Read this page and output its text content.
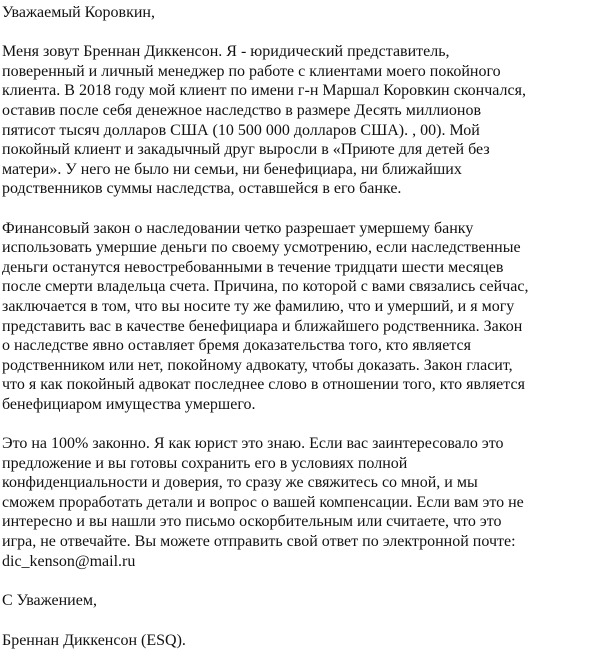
Уважаемый Коровкин,
Меня зовут Бреннан Диккенсон. Я - юридический представитель,
поверенный и личный менеджер по работе с клиентами моего покойного
клиента. В 2018 году мой клиент по имени г-н Маршал Коровкин скончался,
оставив после себя денежное наследство в размере Десять миллионов
пятисот тысяч долларов США (10 500 000 долларов США). , 00). Мой
покойный клиент и закадычный друг выросли в «Приюте для детей без
матери». У него не было ни семьи, ни бенефициара, ни ближайших
родственников суммы наследства, оставшейся в его банке.
Финансовый закон о наследовании четко разрешает умершему банку
использовать умершие деньги по своему усмотрению, если наследственные
деньги останутся невостребованными в течение тридцати шести месяцев
после смерти владельца счета. Причина, по которой с вами связались сейчас,
заключается в том, что вы носите ту же фамилию, что и умерший, и я могу
представить вас в качестве бенефициара и ближайшего родственника. Закон
о наследстве явно оставляет бремя доказательства того, кто является
родственником или нет, покойному адвокату, чтобы доказать. Закон гласит,
что я как покойный адвокат последнее слово в отношении того, кто является
бенефициаром имущества умершего.
Это на 100% законно. Я как юрист это знаю. Если вас заинтересовало это
предложение и вы готовы сохранить его в условиях полной
конфиденциальности и доверия, то сразу же свяжитесь со мной, и мы
сможем проработать детали и вопрос о вашей компенсации. Если вам это не
интересно и вы нашли это письмо оскорбительным или считаете, что это
игра, не отвечайте. Вы можете отправить свой ответ по электронной почте:
dic_kenson@mail.ru
С Уважением,
Бреннан Диккенсон (ESQ).
